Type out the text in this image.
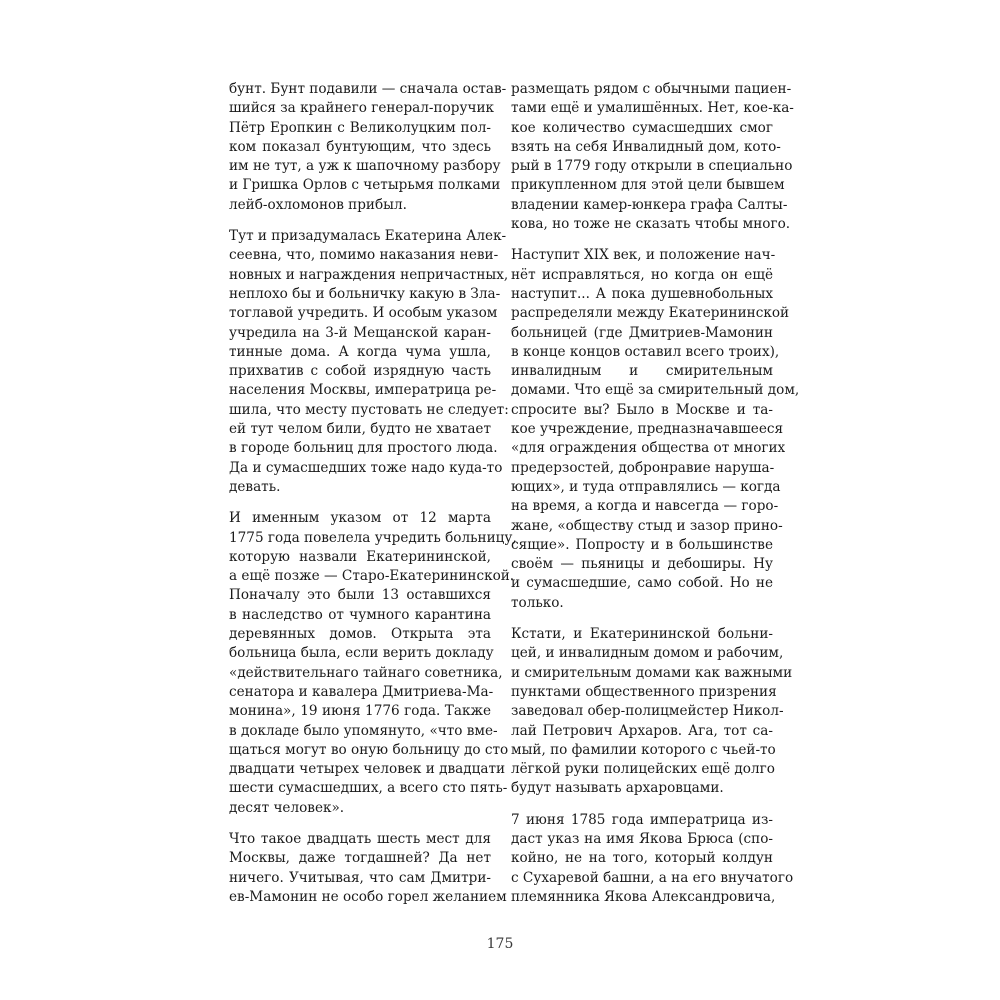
бунт. Бунт подавили — сначала остав-
шийся за крайнего генерал-поручик
Пётр Еропкин с Великолуцким пол-
ком показал бунтующим, что здесь
им не тут, а уж к шапочному разбору
и Гришка Орлов с четырьмя полками
лейб-охломонов прибыл.

Тут и призадумалась Екатерина Алек-
сеевна, что, помимо наказания неви-
новных и награждения непричастных,
неплохо бы и больничку какую в Зла-
тоглавой учредить. И особым указом
учредила на 3-й Мещанской каран-
тинные дома. А когда чума ушла,
прихватив с собой изрядную часть
населения Москвы, императрица ре-
шила, что месту пустовать не следует:
ей тут челом били, будто не хватает
в городе больниц для простого люда.
Да и сумасшедших тоже надо куда-то
девать.

И именным указом от 12 марта
1775 года повелела учредить больницу,
которую назвали Екатерининской,
а ещё позже — Старо-Екатерининской.
Поначалу это были 13 оставшихся
в наследство от чумного карантина
деревянных домов. Открыта эта
больница была, если верить докладу
«действительнаго тайнаго советника,
сенатора и кавалера Дмитриева-Ма-
монина», 19 июня 1776 года. Также
в докладе было упомянуто, «что вме-
щаться могут во оную больницу до сто
двадцати четырех человек и двадцати
шести сумасшедших, а всего сто пять-
десят человек».

Что такое двадцать шесть мест для
Москвы, даже тогдашней? Да нет
ничего. Учитывая, что сам Дмитри-
ев-Мамонин не особо горел желанием

размещать рядом с обычными пациен-
тами ещё и умалишённых. Нет, кое-ка-
кое количество сумасшедших смог
взять на себя Инвалидный дом, кото-
рый в 1779 году открыли в специально
прикупленном для этой цели бывшем
владении камер-юнкера графа Салты-
кова, но тоже не сказать чтобы много.

Наступит XIX век, и положение нач-
нёт исправляться, но когда он ещё
наступит... А пока душевнобольных
распределяли между Екатерининской
больницей (где Дмитриев-Мамонин
в конце концов оставил всего троих),
инвалидным и смирительным
домами. Что ещё за смирительный дом,
спросите вы? Было в Москве и та-
кое учреждение, предназначавшееся
«для ограждения общества от многих
предерзостей, добронравие наруша-
ющих», и туда отправлялись — когда
на время, а когда и навсегда — горо-
жане, «обществу стыд и зазор прино-
сящие». Попросту и в большинстве
своём — пьяницы и дебоширы. Ну
и сумасшедшие, само собой. Но не
только.

Кстати, и Екатерининской больни-
цей, и инвалидным домом и рабочим,
и смирительным домами как важными
пунктами общественного призрения
заведовал обер-полицмейстер Никол-
лай Петрович Архаров. Ага, тот са-
мый, по фамилии которого с чьей-то
лёгкой руки полицейских ещё долго
будут называть архаровцами.

7 июня 1785 года императрица из-
даст указ на имя Якова Брюса (спо-
койно, не на того, который колдун
с Сухаревой башни, а на его внучатого
племянника Якова Александровича,

175
